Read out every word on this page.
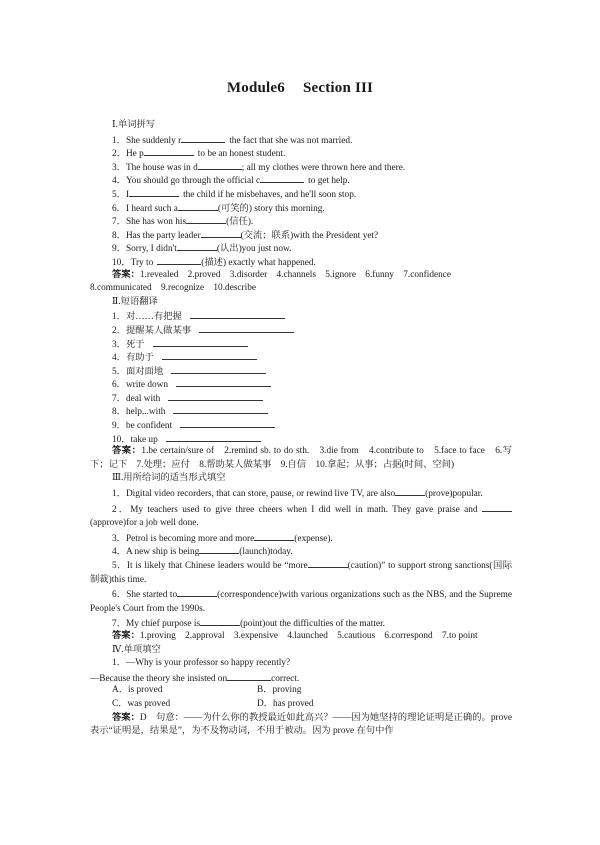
Module6 Section III
Ⅰ.单词拼写
1．She suddenly r	the fact that she was not married.
2．He p	to be an honest student.
3．The house was in d	; all my clothes were thrown here and there.
4．You should go through the official c	to get help.
5．I	the child if he misbehaves, and he'll soon stop.
6．I heard such a	(可笑的) story this morning.
7．She has won his	(信任).
8．Has the party leader	(交流；联系)with the President yet?
9．Sorry, I didn't	(认出)you just now.
10．Try to	(描述) exactly what happened.
答案：1.revealed　2.proved　3.disorder　4.channels　5.ignore　6.funny　7.confidence
8.communicated　9.recognize　10.describe
Ⅱ.短语翻译
1．对……有把握
2．提醒某人做某事
3．死于
4．有助于
5．面对面地
6．write down
7．deal with
8．help...with
9．be confident
10．take up
答案：1.be certain/sure of　2.remind sb. to do sth.　3.die from　4.contribute to　5.face to face　6.写下；记下　7.处理；应付　8.帮助某人做某事　9.自信　10.拿起；从事；占据(时间、空间)
Ⅲ.用所给词的适当形式填空
1．Digital video recorders, that can store, pause, or rewind live TV, are also	(prove)popular.
2．My teachers used to give three cheers when I did well in math. They gave praise and (approve)for a job well done.
3．Petrol is becoming more and more	(expense).
4．A new ship is being	(launch)today.
5．It is likely that Chinese leaders would be “more	(caution)” to support strong sanctions(国际制裁)this time.
6．She started to	(correspondence)with various organizations such as the NBS, and the Supreme People's Court from the 1990s.
7．My chief purpose is	(point)out the difficulties of the matter.
答案：1.proving　2.approval　3.expensive　4.launched　5.cautious　6.correspond　7.to point
Ⅳ.单项填空
1．—Why is your professor so happy recently?
—Because the theory she insisted on	correct.
A．is proved	B．proving
C．was proved	D．has proved
答案：D　句意：——为什么你的教授最近如此高兴？——因为她坚持的理论证明是正确的。prove 表示“证明是，结果是”，为不及物动词，不用于被动。因为 prove 在句中作
